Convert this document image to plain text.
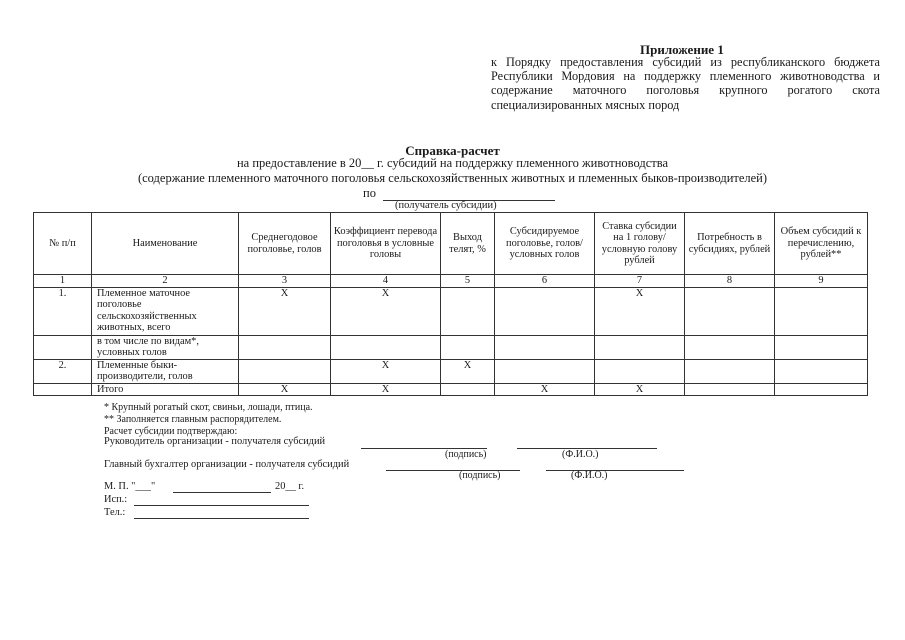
Приложение 1
к Порядку предоставления субсидий из республиканского бюджета Республики Мордовия на поддержку племенного животноводства и содержание маточного поголовья крупного рогатого скота специализированных мясных пород
Справка-расчет
на предоставление в 20__ г. субсидий на поддержку племенного животноводства
(содержание племенного маточного поголовья сельскохозяйственных животных и племенных быков-производителей)
по
(получатель субсидии)
№ п/п	Наименование	Среднегодовое поголовье, голов	Коэффициент перевода поголовья в условные головы	Выход телят, %	Субсидируемое поголовье, голов/условных голов	Ставка субсидии на 1 голову/условную голову рублей	Потребность в субсидиях, рублей	Объем субсидий к перечислению, рублей**
1	2	3	4	5	6	7	8	9
1.	Племенное маточное поголовье сельскохозяйственных животных, всего	X	X			X		
	в том числе по видам*, условных голов							
2.	Племенные быки-производители, голов		X	X				
	Итого	X	X		X	X		
* Крупный рогатый скот, свиньи, лошади, птица.
** Заполняется главным распорядителем.
Расчет субсидии подтверждаю:
Руководитель организации - получателя субсидий
(подпись)	(Ф.И.О.)
Главный бухгалтер организации - получателя субсидий
(подпись)	(Ф.И.О.)
М. П. "___"	20__ г.
Исп.:
Тел.:
